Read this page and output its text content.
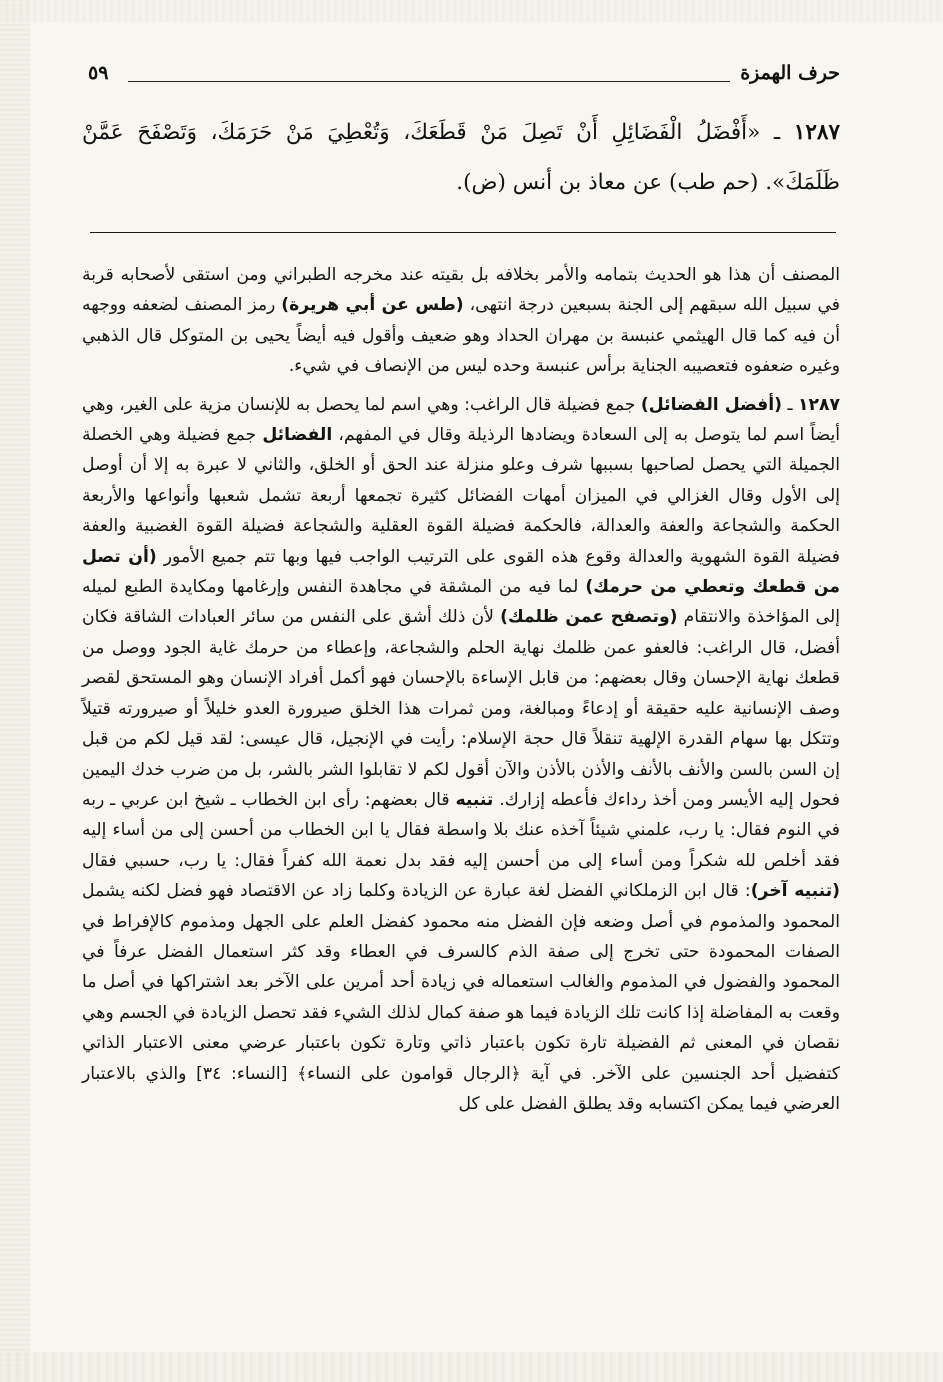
حرف الهمزة
٥٩
١٢٨٧ ـ «أَفْضَلُ الْفَضَائِلِ أَنْ تَصِلَ مَنْ قَطَعَكَ، وَتُعْطِيَ مَنْ حَرَمَكَ، وَتَصْفَحَ عَمَّنْ ظَلَمَكَ». (حم طب) عن معاذ بن أنس (ض).

المصنف أن هذا هو الحديث بتمامه والأمر بخلافه بل بقيته عند مخرجه الطبراني ومن استقى لأصحابه قربة في سبيل الله سبقهم إلى الجنة بسبعين درجة انتهى، (طس عن أبي هريرة) رمز المصنف لضعفه ووجهه أن فيه كما قال الهيثمي عنبسة بن مهران الحداد وهو ضعيف وأقول فيه أيضاً يحيى بن المتوكل قال الذهبي وغيره ضعفوه فتعصيبه الجناية برأس عنبسة وحده ليس من الإنصاف في شيء.

١٢٨٧ ـ (أفضل الفضائل) جمع فضيلة قال الراغب: وهي اسم لما يحصل به للإنسان مزية على الغير، وهي أيضاً اسم لما يتوصل به إلى السعادة ويضادها الرذيلة وقال في المفهم، الفضائل جمع فضيلة وهي الخصلة الجميلة التي يحصل لصاحبها بسببها شرف وعلو منزلة عند الحق أو الخلق، والثاني لا عبرة به إلا أن أوصل إلى الأول وقال الغزالي في الميزان أمهات الفضائل كثيرة تجمعها أربعة تشمل شعبها وأنواعها والأربعة الحكمة والشجاعة والعفة والعدالة، فالحكمة فضيلة القوة العقلية والشجاعة فضيلة القوة الغضبية والعفة فضيلة القوة الشهوية والعدالة وقوع هذه القوى على الترتيب الواجب فيها وبها تتم جميع الأمور (أن تصل من قطعك وتعطي من حرمك) لما فيه من المشقة في مجاهدة النفس وإرغامها ومكايدة الطبع لميله إلى المؤاخذة والانتقام (وتصفح عمن ظلمك) لأن ذلك أشق على النفس من سائر العبادات الشاقة فكان أفضل، قال الراغب: فالعفو عمن ظلمك نهاية الحلم والشجاعة، وإعطاء من حرمك غاية الجود ووصل من قطعك نهاية الإحسان وقال بعضهم: من قابل الإساءة بالإحسان فهو أكمل أفراد الإنسان وهو المستحق لقصر وصف الإنسانية عليه حقيقة أو إدعاءً ومبالغة، ومن ثمرات هذا الخلق صيرورة العدو خليلاً أو صيرورته قتيلاً وتتكل بها سهام القدرة الإلهية تنقلاً قال حجة الإسلام: رأيت في الإنجيل، قال عيسى: لقد قيل لكم من قبل إن السن بالسن والأنف بالأنف والأذن بالأذن والآن أقول لكم لا تقابلوا الشر بالشر، بل من ضرب خدك اليمين فحول إليه الأيسر ومن أخذ رداءك فأعطه إزارك. تنبيه قال بعضهم: رأى ابن الخطاب ـ شيخ ابن عربي ـ ربه في النوم فقال: يا رب، علمني شيئاً آخذه عنك بلا واسطة فقال يا ابن الخطاب من أحسن إلى من أساء إليه فقد أخلص لله شكراً ومن أساء إلى من أحسن إليه فقد بدل نعمة الله كفراً فقال: يا رب، حسبي فقال (تنبيه آخر): قال ابن الزملكاني الفضل لغة عبارة عن الزيادة وكلما زاد عن الاقتصاد فهو فضل لكنه يشمل المحمود والمذموم في أصل وضعه فإن الفضل منه محمود كفضل العلم على الجهل ومذموم كالإفراط في الصفات المحمودة حتى تخرج إلى صفة الذم كالسرف في العطاء وقد كثر استعمال الفضل عرفاً في المحمود والفضول في المذموم والغالب استعماله في زيادة أحد أمرين على الآخر بعد اشتراكها في أصل ما وقعت به المفاضلة إذا كانت تلك الزيادة فيما هو صفة كمال لذلك الشيء فقد تحصل الزيادة في الجسم وهي نقصان في المعنى ثم الفضيلة تارة تكون باعتبار ذاتي وتارة تكون باعتبار عرضي معنى الاعتبار الذاتي كتفضيل أحد الجنسين على الآخر. في آية ﴿الرجال قوامون على النساء﴾ [النساء: ٣٤] والذي بالاعتبار العرضي فيما يمكن اكتسابه وقد يطلق الفضل على كل
